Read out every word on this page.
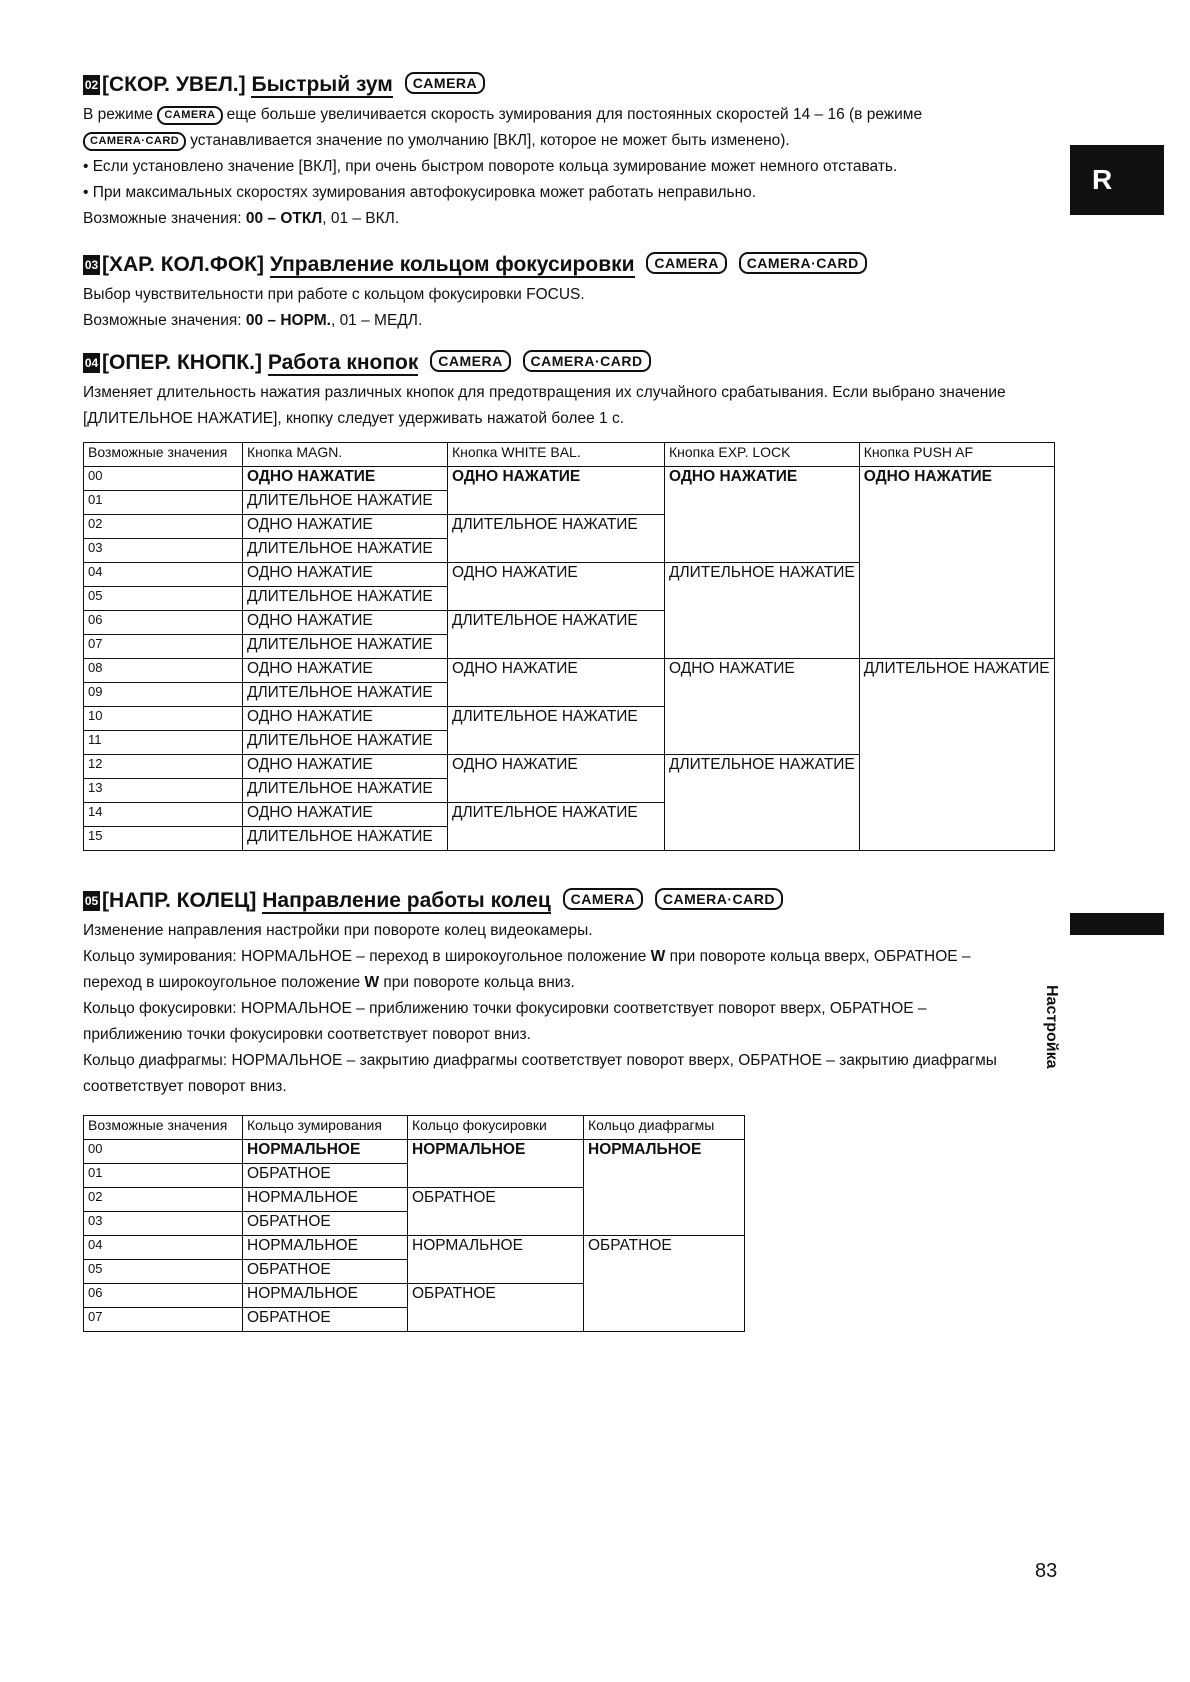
02 [СКОР. УВЕЛ.] Быстрый зум CAMERA
В режиме CAMERA еще больше увеличивается скорость зумирования для постоянных скоростей 14 – 16 (в режиме
CAMERA·CARD устанавливается значение по умолчанию [ВКЛ], которое не может быть изменено).
• Если установлено значение [ВКЛ], при очень быстром повороте кольца зумирование может немного отставать.
• При максимальных скоростях зумирования автофокусировка может работать неправильно.
Возможные значения: 00 – ОТКЛ, 01 – ВКЛ.
03 [ХАР. КОЛ.ФОК] Управление кольцом фокусировки CAMERA CAMERA·CARD
Выбор чувствительности при работе с кольцом фокусировки FOCUS.
Возможные значения: 00 – НОРМ., 01 – МЕДЛ.
04 [ОПЕР. КНОПК.] Работа кнопок CAMERA CAMERA·CARD
Изменяет длительность нажатия различных кнопок для предотвращения их случайного срабатывания. Если выбрано значение
[ДЛИТЕЛЬНОЕ НАЖАТИЕ], кнопку следует удерживать нажатой более 1 с.
Возможные значения	Кнопка MAGN.	Кнопка WHITE BAL.	Кнопка EXP. LOCK	Кнопка PUSH AF
00	ОДНО НАЖАТИЕ	ОДНО НАЖАТИЕ	ОДНО НАЖАТИЕ	ОДНО НАЖАТИЕ
01	ДЛИТЕЛЬНОЕ НАЖАТИЕ			
02	ОДНО НАЖАТИЕ	ДЛИТЕЛЬНОЕ НАЖАТИЕ		
03	ДЛИТЕЛЬНОЕ НАЖАТИЕ			
04	ОДНО НАЖАТИЕ	ОДНО НАЖАТИЕ	ДЛИТЕЛЬНОЕ НАЖАТИЕ	
05	ДЛИТЕЛЬНОЕ НАЖАТИЕ			
06	ОДНО НАЖАТИЕ	ДЛИТЕЛЬНОЕ НАЖАТИЕ		
07	ДЛИТЕЛЬНОЕ НАЖАТИЕ			
08	ОДНО НАЖАТИЕ	ОДНО НАЖАТИЕ	ОДНО НАЖАТИЕ	ДЛИТЕЛЬНОЕ НАЖАТИЕ
09	ДЛИТЕЛЬНОЕ НАЖАТИЕ			
10	ОДНО НАЖАТИЕ	ДЛИТЕЛЬНОЕ НАЖАТИЕ		
11	ДЛИТЕЛЬНОЕ НАЖАТИЕ			
12	ОДНО НАЖАТИЕ	ОДНО НАЖАТИЕ	ДЛИТЕЛЬНОЕ НАЖАТИЕ	
13	ДЛИТЕЛЬНОЕ НАЖАТИЕ			
14	ОДНО НАЖАТИЕ	ДЛИТЕЛЬНОЕ НАЖАТИЕ		
15	ДЛИТЕЛЬНОЕ НАЖАТИЕ			
05 [НАПР. КОЛЕЦ] Направление работы колец CAMERA CAMERA·CARD
Изменение направления настройки при повороте колец видеокамеры.
Кольцо зумирования: НОРМАЛЬНОЕ – переход в широкоугольное положение W при повороте кольца вверх, ОБРАТНОЕ –
переход в широкоугольное положение W при повороте кольца вниз.
Кольцо фокусировки: НОРМАЛЬНОЕ – приближению точки фокусировки соответствует поворот вверх, ОБРАТНОЕ –
приближению точки фокусировки соответствует поворот вниз.
Кольцо диафрагмы: НОРМАЛЬНОЕ – закрытию диафрагмы соответствует поворот вверх, ОБРАТНОЕ – закрытию диафрагмы
соответствует поворот вниз.
Возможные значения	Кольцо зумирования	Кольцо фокусировки	Кольцо диафрагмы
00	НОРМАЛЬНОЕ	НОРМАЛЬНОЕ	НОРМАЛЬНОЕ
01	ОБРАТНОЕ		
02	НОРМАЛЬНОЕ	ОБРАТНОЕ	
03	ОБРАТНОЕ		
04	НОРМАЛЬНОЕ	НОРМАЛЬНОЕ	ОБРАТНОЕ
05	ОБРАТНОЕ		
06	НОРМАЛЬНОЕ	ОБРАТНОЕ	
07	ОБРАТНОЕ		
R
Настройка
83
